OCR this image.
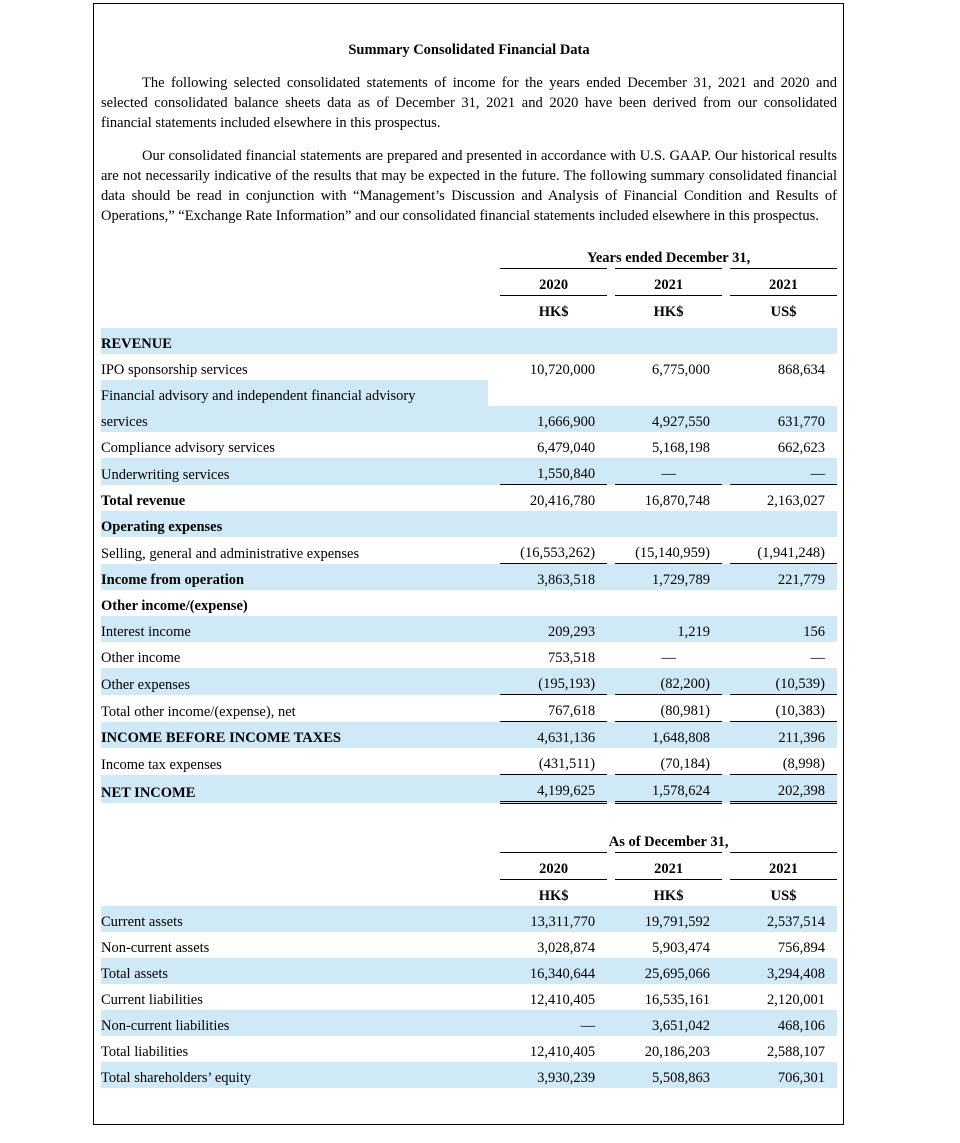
Summary Consolidated Financial Data

The following selected consolidated statements of income for the years ended December 31, 2021 and 2020 and selected consolidated balance sheets data as of December 31, 2021 and 2020 have been derived from our consolidated financial statements included elsewhere in this prospectus.

Our consolidated financial statements are prepared and presented in accordance with U.S. GAAP. Our historical results are not necessarily indicative of the results that may be expected in the future. The following summary consolidated financial data should be read in conjunction with “Management’s Discussion and Analysis of Financial Condition and Results of Operations,” “Exchange Rate Information” and our consolidated financial statements included elsewhere in this prospectus.

		Years ended December 31,				
		2020		2021		2021
		HK$		HK$		US$

REVENUE						
IPO sponsorship services		10,720,000		6,775,000		868,634
Financial advisory and independent financial advisory						
services		1,666,900		4,927,550		631,770
Compliance advisory services		6,479,040		5,168,198		662,623
Underwriting services		1,550,840		—		—
Total revenue		20,416,780		16,870,748		2,163,027
Operating expenses						
Selling, general and administrative expenses		(16,553,262)		(15,140,959)		(1,941,248)
Income from operation		3,863,518		1,729,789		221,779
Other income/(expense)						
Interest income		209,293		1,219		156
Other income		753,518		—		—
Other expenses		(195,193)		(82,200)		(10,539)
Total other income/(expense), net		767,618		(80,981)		(10,383)
INCOME BEFORE INCOME TAXES		4,631,136		1,648,808		211,396
Income tax expenses		(431,511)		(70,184)		(8,998)
NET INCOME		4,199,625		1,578,624		202,398
		As of December 31,				
		2020		2021		2021
		HK$		HK$		US$
Current assets		13,311,770		19,791,592		2,537,514
Non-current assets		3,028,874		5,903,474		756,894
Total assets		16,340,644		25,695,066		3,294,408
Current liabilities		12,410,405		16,535,161		2,120,001
Non-current liabilities		—		3,651,042		468,106
Total liabilities		12,410,405		20,186,203		2,588,107
Total shareholders’ equity		3,930,239		5,508,863		706,301
